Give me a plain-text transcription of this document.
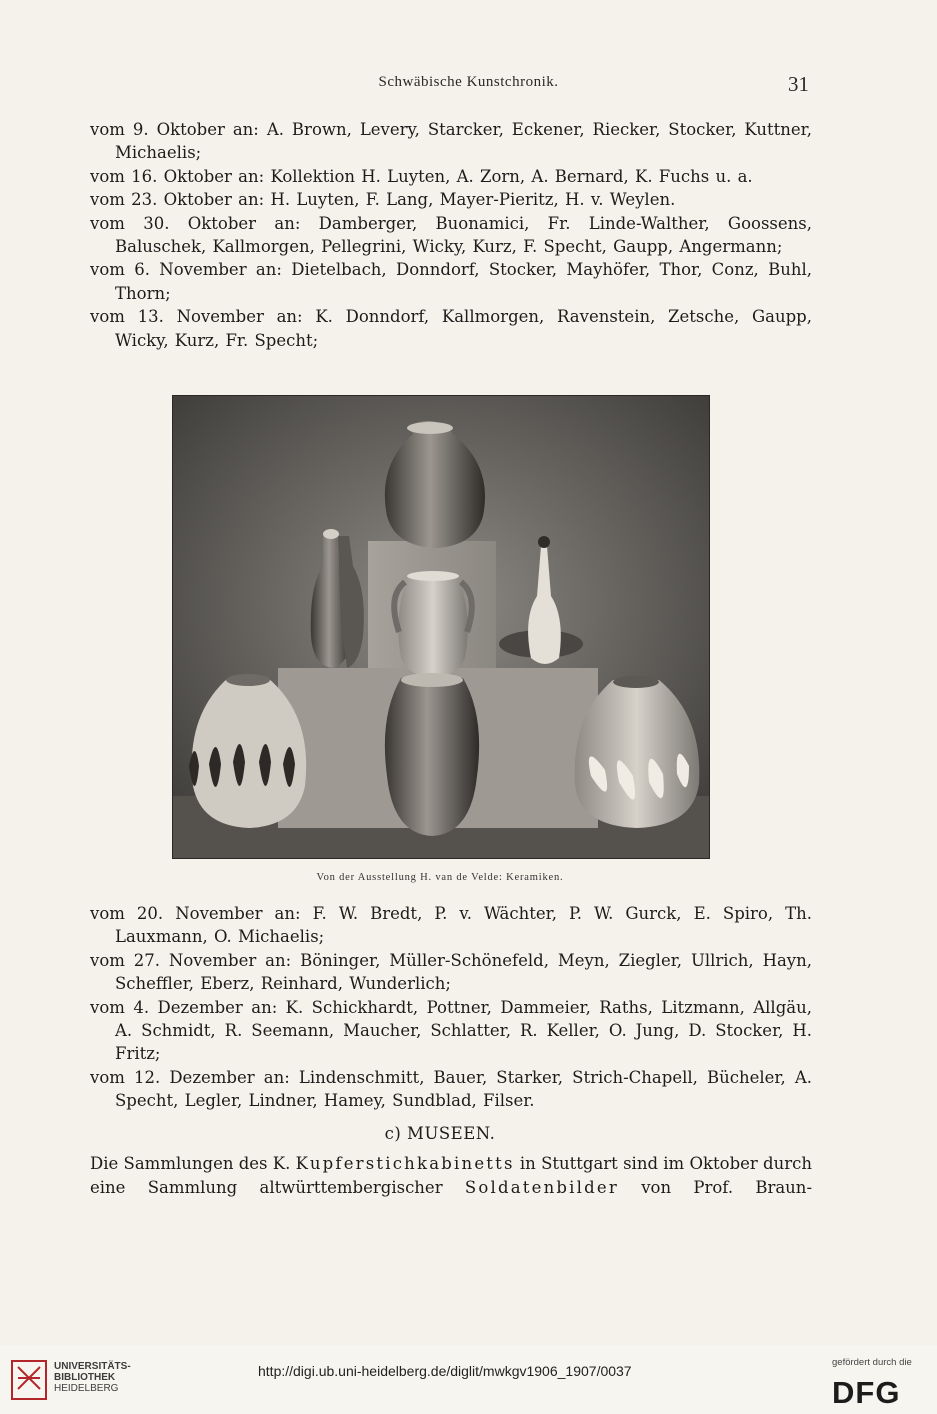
Schwäbische Kunstchronik.	31
vom 9. Oktober an: A. Brown, Levery, Starcker, Eckener, Riecker, Stocker, Kuttner, Michaelis;
vom 16. Oktober an: Kollektion H. Luyten, A. Zorn, A. Bernard, K. Fuchs u. a.
vom 23. Oktober an: H. Luyten, F. Lang, Mayer-Pieritz, H. v. Weylen.
vom 30. Oktober an: Damberger, Buonamici, Fr. Linde-Walther, Goossens, Baluschek, Kallmorgen, Pellegrini, Wicky, Kurz, F. Specht, Gaupp, Angermann;
vom 6. November an: Dietelbach, Donndorf, Stocker, Mayhöfer, Thor, Conz, Buhl, Thorn;
vom 13. November an: K. Donndorf, Kallmorgen, Ravenstein, Zetsche, Gaupp, Wicky, Kurz, Fr. Specht;
Von der Ausstellung H. van de Velde: Keramiken.
vom 20. November an: F. W. Bredt, P. v. Wächter, P. W. Gurck, E. Spiro, Th. Lauxmann, O. Michaelis;
vom 27. November an: Böninger, Müller-Schönefeld, Meyn, Ziegler, Ullrich, Hayn, Scheffler, Eberz, Reinhard, Wunderlich;
vom 4. Dezember an: K. Schickhardt, Pottner, Dammeier, Raths, Litzmann, Allgäu, A. Schmidt, R. Seemann, Maucher, Schlatter, R. Keller, O. Jung, D. Stocker, H. Fritz;
vom 12. Dezember an: Lindenschmitt, Bauer, Starker, Strich-Chapell, Bücheler, A. Specht, Legler, Lindner, Hamey, Sundblad, Filser.
c) MUSEEN.

Die Sammlungen des K. Kupferstichkabinetts in Stuttgart sind im Oktober durch eine Sammlung altwürttembergischer Soldatenbilder von Prof. Braun-

UNIVERSITÄTS-
BIBLIOTHEK
HEIDELBERG
http://digi.ub.uni-heidelberg.de/diglit/mwkgv1906_1907/0037
gefördert durch die
DFG
